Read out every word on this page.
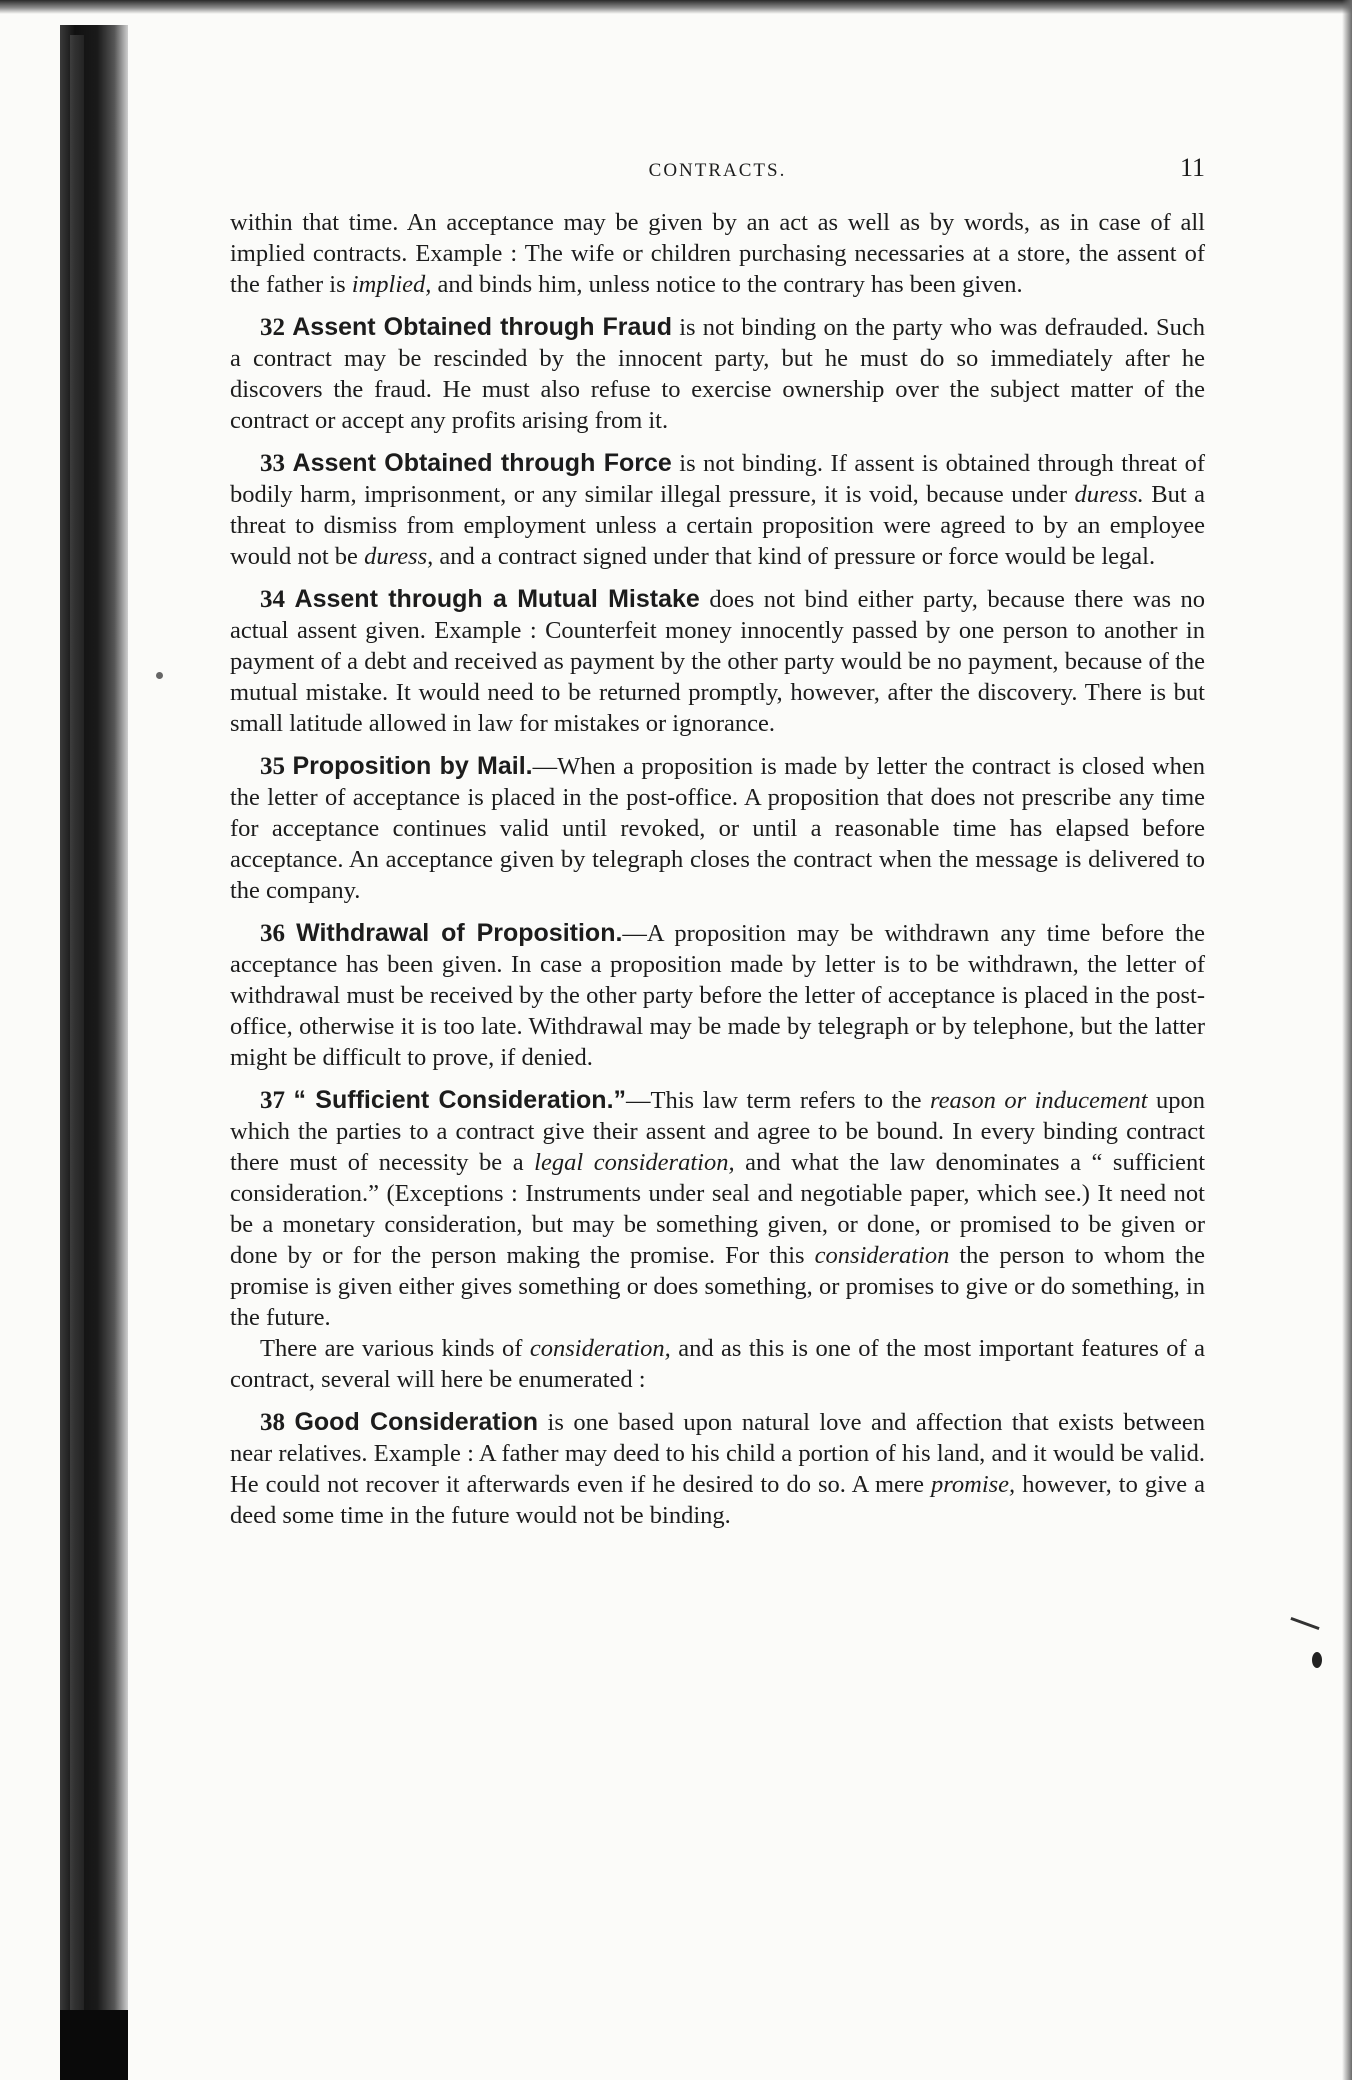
CONTRACTS.	11

within that time. An acceptance may be given by an act as well as by words, as in case of all implied contracts. Example : The wife or children purchasing necessaries at a store, the assent of the father is implied, and binds him, unless notice to the contrary has been given.

32 Assent Obtained through Fraud is not binding on the party who was defrauded. Such a contract may be rescinded by the innocent party, but he must do so immediately after he discovers the fraud. He must also refuse to exercise ownership over the subject matter of the contract or accept any profits arising from it.

33 Assent Obtained through Force is not binding. If assent is obtained through threat of bodily harm, imprisonment, or any similar illegal pressure, it is void, because under duress. But a threat to dismiss from employment unless a certain proposition were agreed to by an employee would not be duress, and a contract signed under that kind of pressure or force would be legal.

34 Assent through a Mutual Mistake does not bind either party, because there was no actual assent given. Example : Counterfeit money innocently passed by one person to another in payment of a debt and received as payment by the other party would be no payment, because of the mutual mistake. It would need to be returned promptly, however, after the discovery. There is but small latitude allowed in law for mistakes or ignorance.

35 Proposition by Mail.—When a proposition is made by letter the contract is closed when the letter of acceptance is placed in the post-office. A proposition that does not prescribe any time for acceptance continues valid until revoked, or until a reasonable time has elapsed before acceptance. An acceptance given by telegraph closes the contract when the message is delivered to the company.

36 Withdrawal of Proposition.—A proposition may be withdrawn any time before the acceptance has been given. In case a proposition made by letter is to be withdrawn, the letter of withdrawal must be received by the other party before the letter of acceptance is placed in the post-office, otherwise it is too late. Withdrawal may be made by telegraph or by telephone, but the latter might be difficult to prove, if denied.

37 “ Sufficient Consideration.”—This law term refers to the reason or inducement upon which the parties to a contract give their assent and agree to be bound. In every binding contract there must of necessity be a legal consideration, and what the law denominates a “ sufficient consideration.” (Exceptions : Instruments under seal and negotiable paper, which see.) It need not be a monetary consideration, but may be something given, or done, or promised to be given or done by or for the person making the promise. For this consideration the person to whom the promise is given either gives something or does something, or promises to give or do something, in the future.

There are various kinds of consideration, and as this is one of the most important features of a contract, several will here be enumerated :

38 Good Consideration is one based upon natural love and affection that exists between near relatives. Example : A father may deed to his child a portion of his land, and it would be valid. He could not recover it afterwards even if he desired to do so. A mere promise, however, to give a deed some time in the future would not be binding.
